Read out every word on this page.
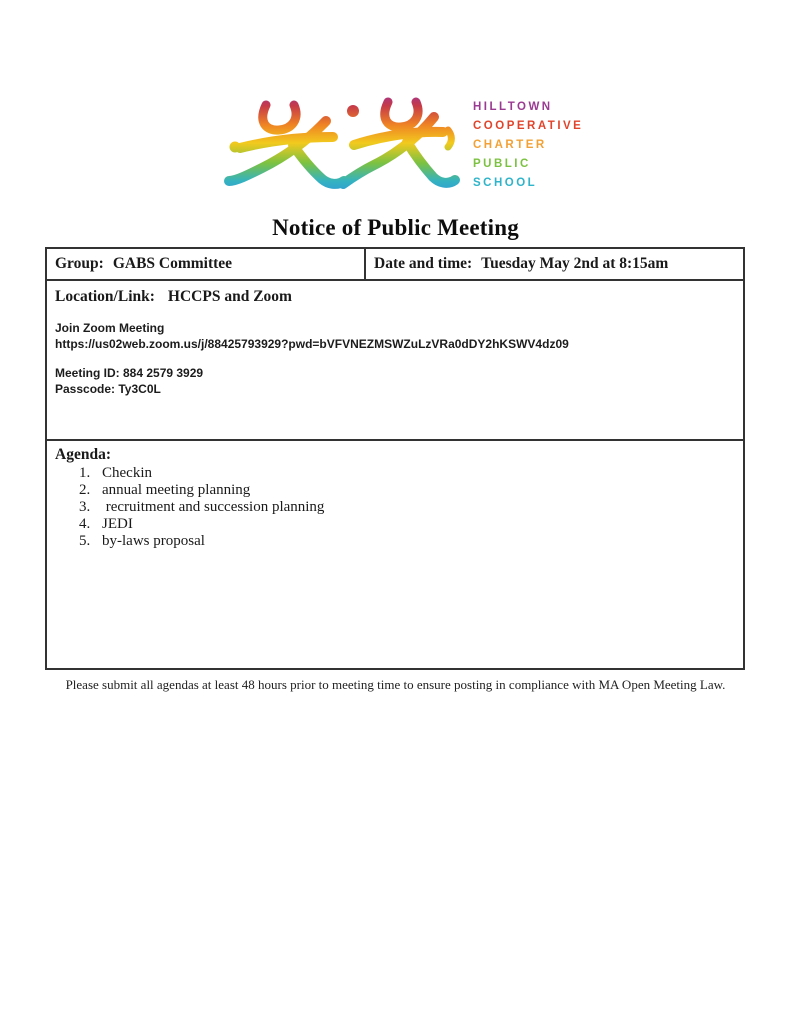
HILLTOWN
COOPERATIVE
CHARTER
PUBLIC
SCHOOL
Notice of Public Meeting
Group: GABS Committee	Date and time: Tuesday May 2nd at 8:15am
Location/Link: HCCPS and Zoom
Join Zoom Meeting
https://us02web.zoom.us/j/88425793929?pwd=bVFVNEZMSWZuLzVRa0dDY2hKSWV4dz09
Meeting ID: 884 2579 3929
Passcode: Ty3C0L
Agenda:
1. Checkin
2. annual meeting planning
3. recruitment and succession planning
4. JEDI
5. by-laws proposal
Please submit all agendas at least 48 hours prior to meeting time to ensure posting in compliance with MA Open Meeting Law.
